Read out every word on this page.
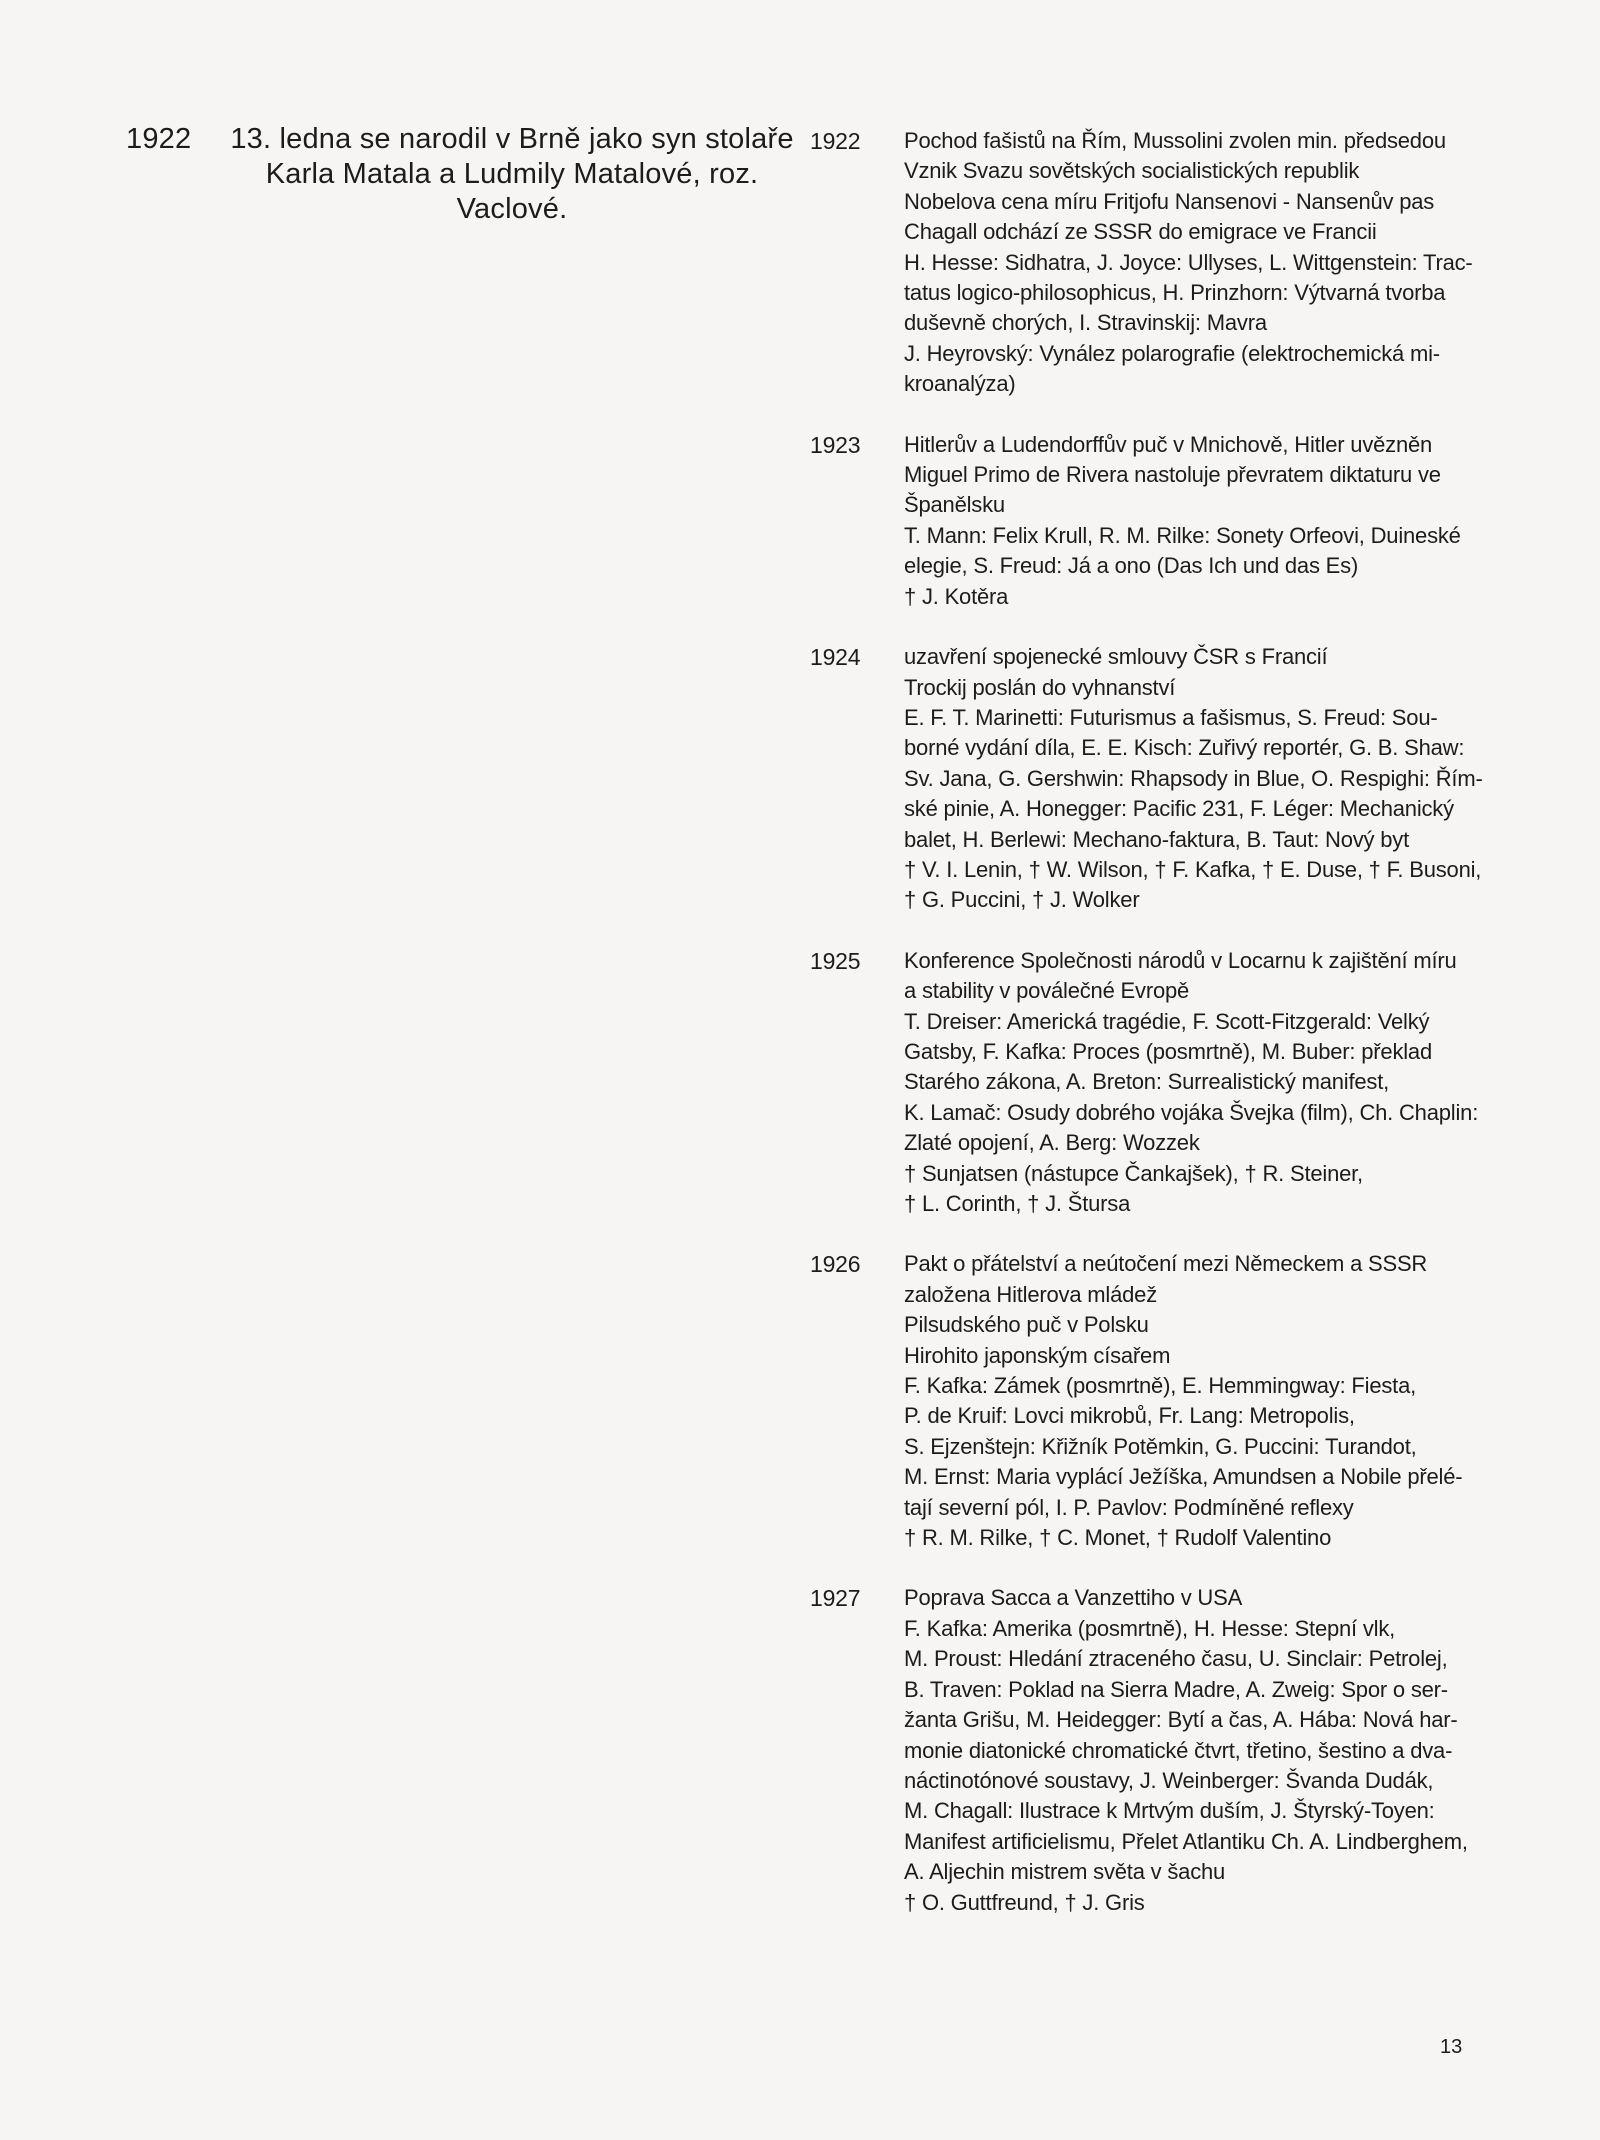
1922 13. ledna se narodil v Brně jako syn stolaře
Karla Matala a Ludmily Matalové, roz. Vaclové.
1922 Pochod fašistů na Řím, Mussolini zvolen min. předsedou
Vznik Svazu sovětských socialistických republik
Nobelova cena míru Fritjofu Nansenovi - Nansenův pas
Chagall odchází ze SSSR do emigrace ve Francii
H. Hesse: Sidhatra, J. Joyce: Ullyses, L. Wittgenstein: Trac-
tatus logico-philosophicus, H. Prinzhorn: Výtvarná tvorba
duševně chorých, I. Stravinskij: Mavra
J. Heyrovský: Vynález polarografie (elektrochemická mi-
kroanalýza)
1923 Hitlerův a Ludendorffův puč v Mnichově, Hitler uvězněn
Miguel Primo de Rivera nastoluje převratem diktaturu ve
Španělsku
T. Mann: Felix Krull, R. M. Rilke: Sonety Orfeovi, Duineské
elegie, S. Freud: Já a ono (Das Ich und das Es)
† J. Kotěra
1924 uzavření spojenecké smlouvy ČSR s Francií
Trockij poslán do vyhnanství
E. F. T. Marinetti: Futurismus a fašismus, S. Freud: Sou-
borné vydání díla, E. E. Kisch: Zuřivý reportér, G. B. Shaw:
Sv. Jana, G. Gershwin: Rhapsody in Blue, O. Respighi: Řím-
ské pinie, A. Honegger: Pacific 231, F. Léger: Mechanický
balet, H. Berlewi: Mechano-faktura, B. Taut: Nový byt
† V. I. Lenin, † W. Wilson, † F. Kafka, † E. Duse, † F. Busoni,
† G. Puccini, † J. Wolker
1925 Konference Společnosti národů v Locarnu k zajištění míru
a stability v poválečné Evropě
T. Dreiser: Americká tragédie, F. Scott-Fitzgerald: Velký
Gatsby, F. Kafka: Proces (posmrtně), M. Buber: překlad
Starého zákona, A. Breton: Surrealistický manifest,
K. Lamač: Osudy dobrého vojáka Švejka (film), Ch. Chaplin:
Zlaté opojení, A. Berg: Wozzek
† Sunjatsen (nástupce Čankajšek), † R. Steiner,
† L. Corinth, † J. Štursa
1926 Pakt o přátelství a neútočení mezi Německem a SSSR
založena Hitlerova mládež
Pilsudského puč v Polsku
Hirohito japonským císařem
F. Kafka: Zámek (posmrtně), E. Hemmingway: Fiesta,
P. de Kruif: Lovci mikrobů, Fr. Lang: Metropolis,
S. Ejzenštejn: Křižník Potěmkin, G. Puccini: Turandot,
M. Ernst: Maria vyplácí Ježíška, Amundsen a Nobile přelé-
tají severní pól, I. P. Pavlov: Podmíněné reflexy
† R. M. Rilke, † C. Monet, † Rudolf Valentino
1927 Poprava Sacca a Vanzettiho v USA
F. Kafka: Amerika (posmrtně), H. Hesse: Stepní vlk,
M. Proust: Hledání ztraceného času, U. Sinclair: Petrolej,
B. Traven: Poklad na Sierra Madre, A. Zweig: Spor o ser-
žanta Grišu, M. Heidegger: Bytí a čas, A. Hába: Nová har-
monie diatonické chromatické čtvrt, třetino, šestino a dva-
náctinotónové soustavy, J. Weinberger: Švanda Dudák,
M. Chagall: Ilustrace k Mrtvým duším, J. Štyrský-Toyen:
Manifest artificielismu, Přelet Atlantiku Ch. A. Lindberghem,
A. Aljechin mistrem světa v šachu
† O. Guttfreund, † J. Gris
13
